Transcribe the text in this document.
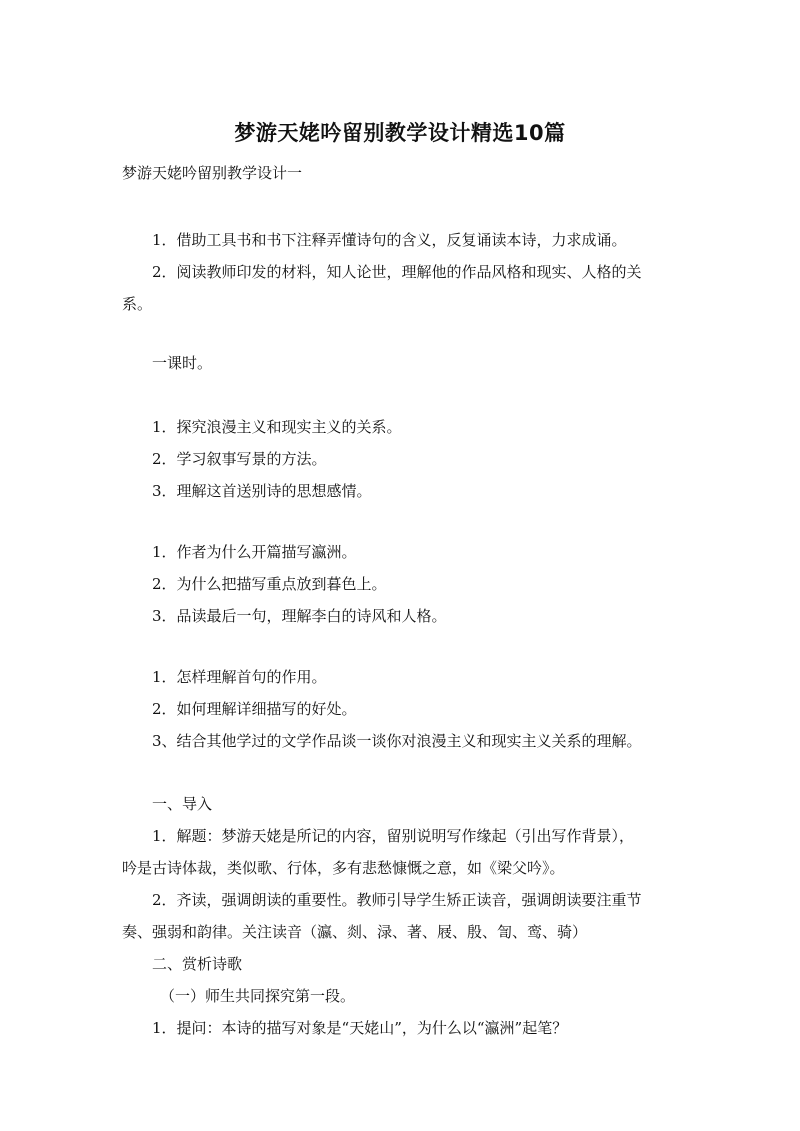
梦游天姥吟留别教学设计精选10篇

梦游天姥吟留别教学设计一

1．借助工具书和书下注释弄懂诗句的含义，反复诵读本诗，力求成诵。

2．阅读教师印发的材料，知人论世，理解他的作品风格和现实、人格的关

系。

一课时。

1．探究浪漫主义和现实主义的关系。

2．学习叙事写景的方法。

3．理解这首送别诗的思想感情。

1．作者为什么开篇描写瀛洲。

2．为什么把描写重点放到暮色上。

3．品读最后一句，理解李白的诗风和人格。

1．怎样理解首句的作用。

2．如何理解详细描写的好处。

3、结合其他学过的文学作品谈一谈你对浪漫主义和现实主义关系的理解。

一、导入

1．解题：梦游天姥是所记的内容，留别说明写作缘起（引出写作背景），

吟是古诗体裁，类似歌、行体，多有悲愁慷慨之意，如《梁父吟》。

2．齐读，强调朗读的重要性。教师引导学生矫正读音，强调朗读要注重节

奏、强弱和韵律。关注读音（瀛、剡、渌、著、屐、殷、訇、鸾、骑）

二、赏析诗歌

（一）师生共同探究第一段。

1．提问：本诗的描写对象是“天姥山”，为什么以“瀛洲”起笔？
